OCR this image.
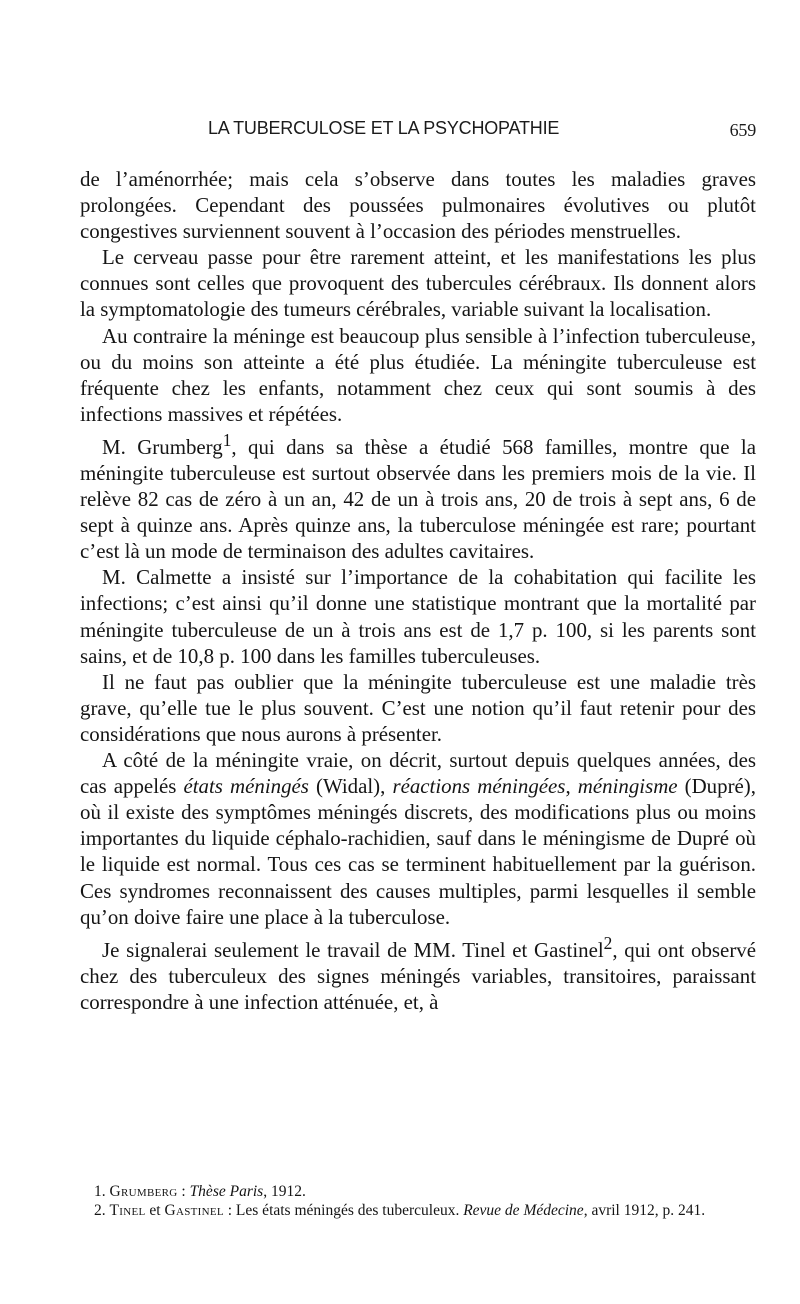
LA TUBERCULOSE ET LA PSYCHOPATHIE	659

de l’aménorrhée; mais cela s’observe dans toutes les maladies graves prolongées. Cependant des poussées pulmonaires évolutives ou plutôt congestives surviennent souvent à l’occasion des périodes menstruelles.

Le cerveau passe pour être rarement atteint, et les manifestations les plus connues sont celles que provoquent des tubercules cérébraux. Ils donnent alors la symptomatologie des tumeurs cérébrales, variable suivant la localisation.

Au contraire la méninge est beaucoup plus sensible à l’infection tuberculeuse, ou du moins son atteinte a été plus étudiée. La méningite tuberculeuse est fréquente chez les enfants, notamment chez ceux qui sont soumis à des infections massives et répétées.

M. Grumberg$^1$, qui dans sa thèse a étudié 568 familles, montre que la méningite tuberculeuse est surtout observée dans les premiers mois de la vie. Il relève 82 cas de zéro à un an, 42 de un à trois ans, 20 de trois à sept ans, 6 de sept à quinze ans. Après quinze ans, la tuberculose méningée est rare; pourtant c’est là un mode de terminaison des adultes cavitaires.

M. Calmette a insisté sur l’importance de la cohabitation qui facilite les infections; c’est ainsi qu’il donne une statistique montrant que la mortalité par méningite tuberculeuse de un à trois ans est de 1,7 p. 100, si les parents sont sains, et de 10,8 p. 100 dans les familles tuberculeuses.

Il ne faut pas oublier que la méningite tuberculeuse est une maladie très grave, qu’elle tue le plus souvent. C’est une notion qu’il faut retenir pour des considérations que nous aurons à présenter.

A côté de la méningite vraie, on décrit, surtout depuis quelques années, des cas appelés états méningés (Widal), réactions méningées, méningisme (Dupré), où il existe des symptômes méningés discrets, des modifications plus ou moins importantes du liquide céphalo-rachidien, sauf dans le méningisme de Dupré où le liquide est normal. Tous ces cas se terminent habituellement par la guérison. Ces syndromes reconnaissent des causes multiples, parmi lesquelles il semble qu’on doive faire une place à la tuberculose.

Je signalerai seulement le travail de MM. Tinel et Gastinel$^2$, qui ont observé chez des tuberculeux des signes méningés variables, transitoires, paraissant correspondre à une infection atténuée, et, à

1. Grumberg : Thèse Paris, 1912.

2. Tinel et Gastinel : Les états méningés des tuberculeux. Revue de Médecine, avril 1912, p. 241.
